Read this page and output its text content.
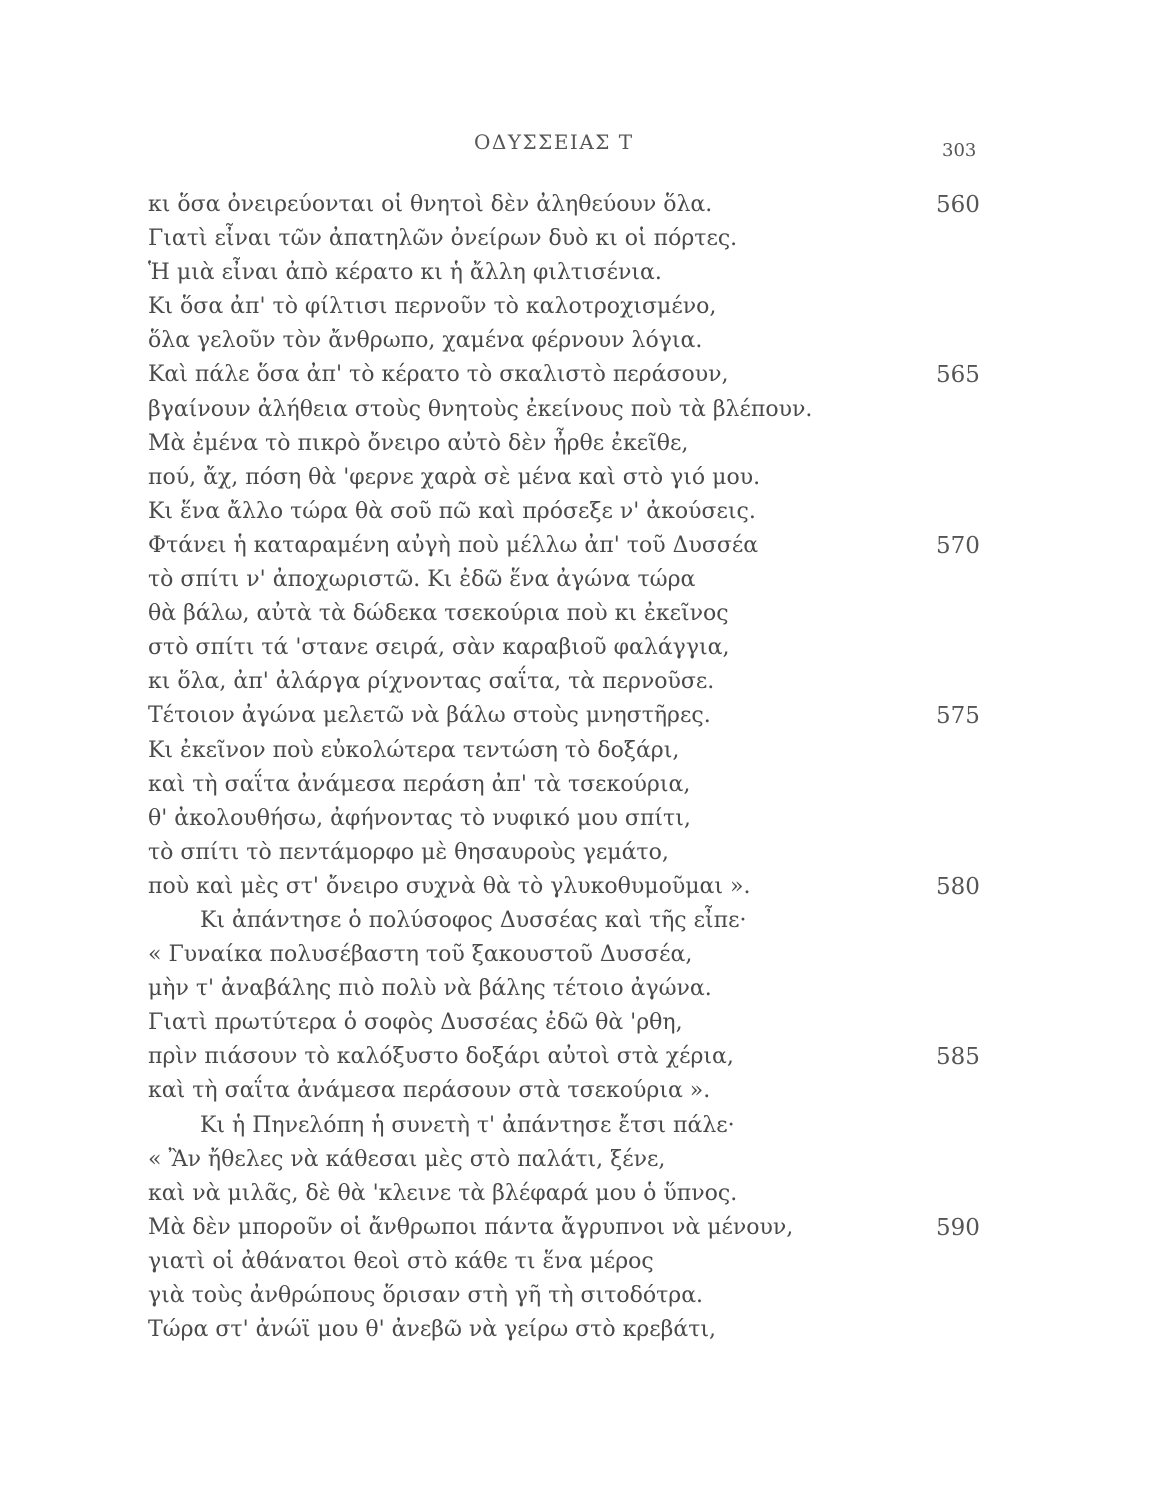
ΟΔΥΣΣΕΙΑΣ Τ	303
κι ὅσα ὀνειρεύονται οἱ θνητοὶ δὲν ἀληθεύουν ὅλα.	560
Γιατὶ εἶναι τῶν ἀπατηλῶν ὀνείρων δυὸ κι οἱ πόρτες.
Ἡ μιὰ εἶναι ἀπὸ κέρατο κι ἡ ἄλλη φιλτισένια.
Κι ὅσα ἀπ' τὸ φίλτισι περνοῦν τὸ καλοτροχισμένο,
ὅλα γελοῦν τὸν ἄνθρωπο, χαμένα φέρνουν λόγια.
Καὶ πάλε ὅσα ἀπ' τὸ κέρατο τὸ σκαλιστὸ περάσουν,	565
βγαίνουν ἀλήθεια στοὺς θνητοὺς ἐκείνους ποὺ τὰ βλέπουν.
Μὰ ἐμένα τὸ πικρὸ ὄνειρο αὐτὸ δὲν ἦρθε ἐκεῖθε,
πού, ἄχ, πόση θὰ 'φερνε χαρὰ σὲ μένα καὶ στὸ γιό μου.
Κι ἕνα ἄλλο τώρα θὰ σοῦ πῶ καὶ πρόσεξε ν' ἀκούσεις.
Φτάνει ἡ καταραμένη αὐγὴ ποὺ μέλλω ἀπ' τοῦ Δυσσέα	570
τὸ σπίτι ν' ἀποχωριστῶ. Κι ἐδῶ ἕνα ἀγώνα τώρα
θὰ βάλω, αὐτὰ τὰ δώδεκα τσεκούρια ποὺ κι ἐκεῖνος
στὸ σπίτι τά 'στανε σειρά, σὰν καραβιοῦ φαλάγγια,
κι ὅλα, ἀπ' ἀλάργα ρίχνοντας σαΐτα, τὰ περνοῦσε.
Τέτοιον ἀγώνα μελετῶ νὰ βάλω στοὺς μνηστῆρες.	575
Κι ἐκεῖνον ποὺ εὐκολώτερα τεντώση τὸ δοξάρι,
καὶ τὴ σαΐτα ἀνάμεσα περάση ἀπ' τὰ τσεκούρια,
θ' ἀκολουθήσω, ἀφήνοντας τὸ νυφικό μου σπίτι,
τὸ σπίτι τὸ πεντάμορφο μὲ θησαυροὺς γεμάτο,
ποὺ καὶ μὲς στ' ὄνειρο συχνὰ θὰ τὸ γλυκοθυμοῦμαι ».	580
Κι ἀπάντησε ὁ πολύσοφος Δυσσέας καὶ τῆς εἶπε·
« Γυναίκα πολυσέβαστη τοῦ ξακουστοῦ Δυσσέα,
μὴν τ' ἀναβάλης πιὸ πολὺ νὰ βάλης τέτοιο ἀγώνα.
Γιατὶ πρωτύτερα ὁ σοφὸς Δυσσέας ἐδῶ θὰ 'ρθη,
πρὶν πιάσουν τὸ καλόξυστο δοξάρι αὐτοὶ στὰ χέρια,	585
καὶ τὴ σαΐτα ἀνάμεσα περάσουν στὰ τσεκούρια ».
Κι ἡ Πηνελόπη ἡ συνετὴ τ' ἀπάντησε ἔτσι πάλε·
« Ἂν ἤθελες νὰ κάθεσαι μὲς στὸ παλάτι, ξένε,
καὶ νὰ μιλᾶς, δὲ θὰ 'κλεινε τὰ βλέφαρά μου ὁ ὕπνος.
Μὰ δὲν μποροῦν οἱ ἄνθρωποι πάντα ἄγρυπνοι νὰ μένουν,	590
γιατὶ οἱ ἀθάνατοι θεοὶ στὸ κάθε τι ἕνα μέρος
γιὰ τοὺς ἀνθρώπους ὅρισαν στὴ γῆ τὴ σιτοδότρα.
Τώρα στ' ἀνώϊ μου θ' ἀνεβῶ νὰ γείρω στὸ κρεβάτι,
